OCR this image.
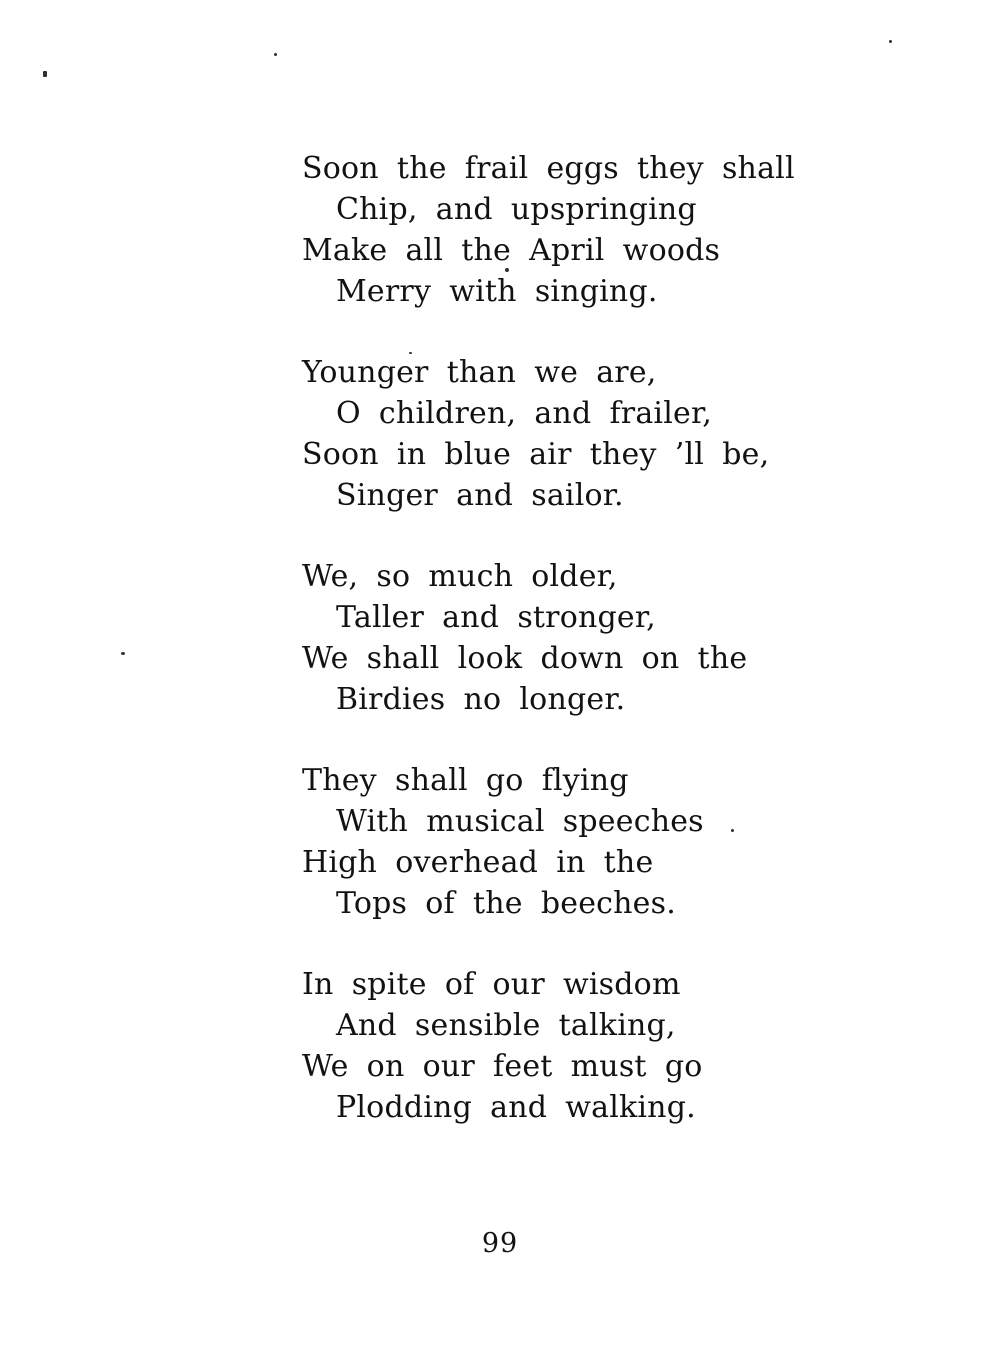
Soon the frail eggs they shall

Chip, and upspringing

Make all the April woods

Merry with singing.

Younger than we are,

O children, and frailer,

Soon in blue air they ’ll be,

Singer and sailor.

We, so much older,

Taller and stronger,

We shall look down on the

Birdies no longer.

They shall go flying

With musical speeches

High overhead in the

Tops of the beeches.

In spite of our wisdom

And sensible talking,

We on our feet must go

Plodding and walking.

99
